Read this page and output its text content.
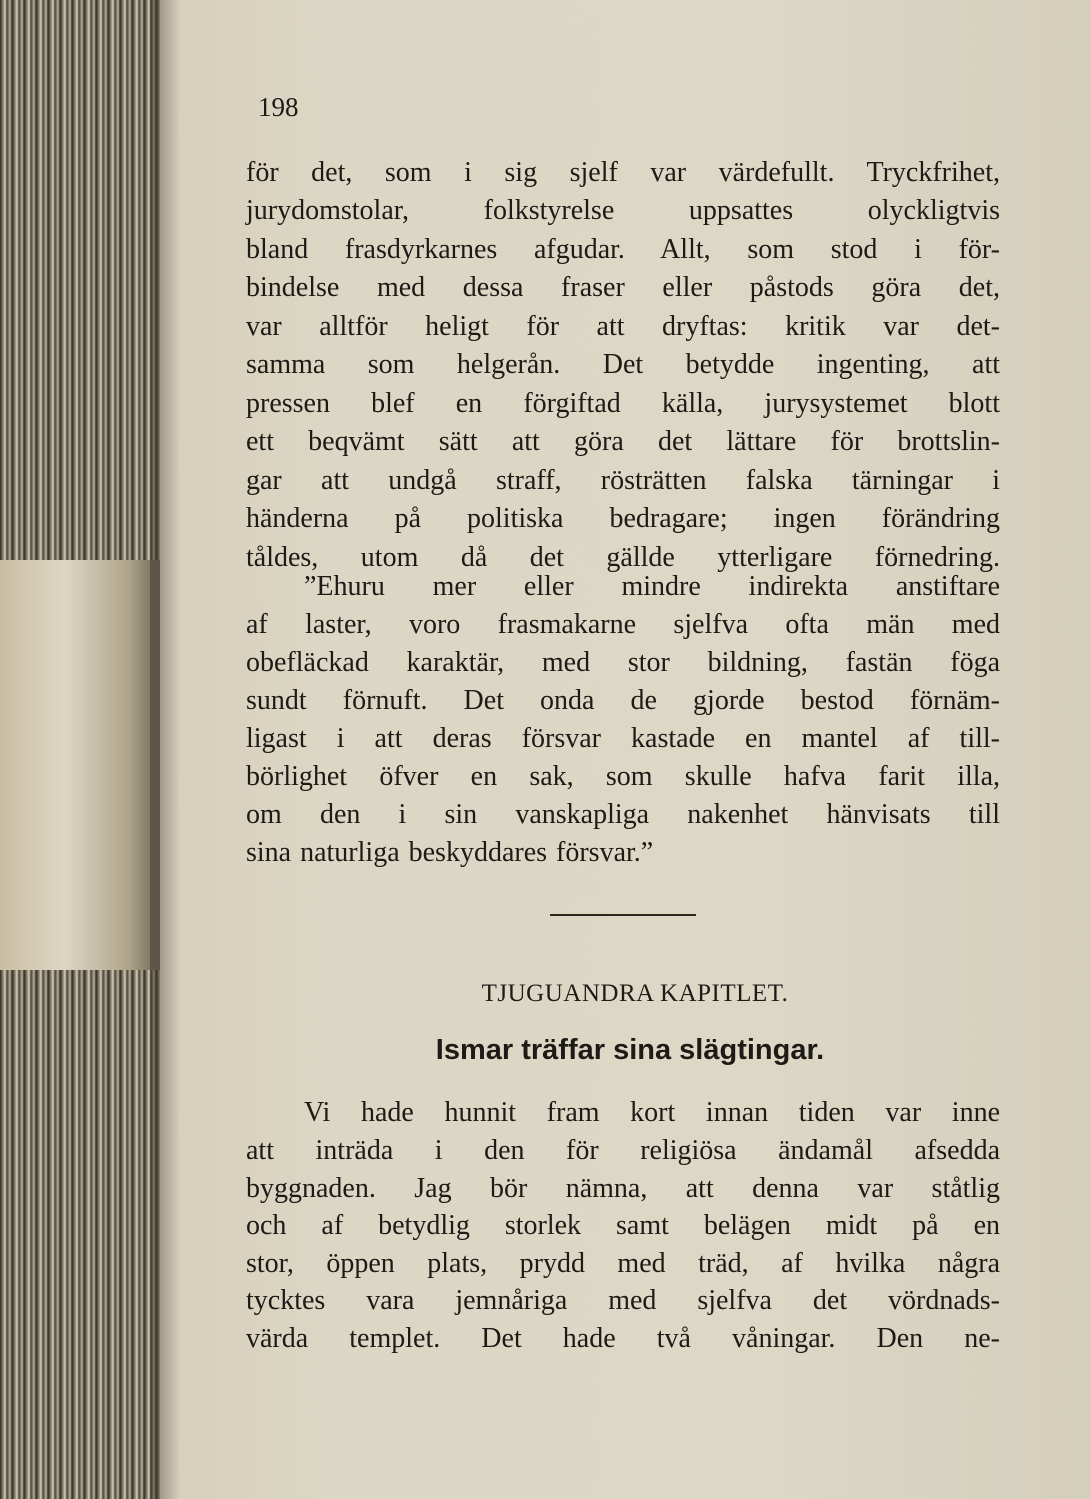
198
för det, som i sig sjelf var värdefullt. Tryckfrihet,
jurydomstolar, folkstyrelse uppsattes olyckligtvis
bland frasdyrkarnes afgudar. Allt, som stod i för-
bindelse med dessa fraser eller påstods göra det,
var alltför heligt för att dryftas: kritik var det-
samma som helgerån. Det betydde ingenting, att
pressen blef en förgiftad källa, jurysystemet blott
ett beqvämt sätt att göra det lättare för brottslin-
gar att undgå straff, rösträtten falska tärningar i
händerna på politiska bedragare; ingen förändring
tåldes, utom då det gällde ytterligare förnedring.
”Ehuru mer eller mindre indirekta anstiftare
af laster, voro frasmakarne sjelfva ofta män med
obefläckad karaktär, med stor bildning, fastän föga
sundt förnuft. Det onda de gjorde bestod förnäm-
ligast i att deras försvar kastade en mantel af till-
börlighet öfver en sak, som skulle hafva farit illa,
om den i sin vanskapliga nakenhet hänvisats till
sina naturliga beskyddares försvar.”
TJUGUANDRA KAPITLET.
Ismar träffar sina slägtingar.
Vi hade hunnit fram kort innan tiden var inne
att inträda i den för religiösa ändamål afsedda
byggnaden. Jag bör nämna, att denna var ståtlig
och af betydlig storlek samt belägen midt på en
stor, öppen plats, prydd med träd, af hvilka några
tycktes vara jemnåriga med sjelfva det vördnads-
värda templet. Det hade två våningar. Den ne-
